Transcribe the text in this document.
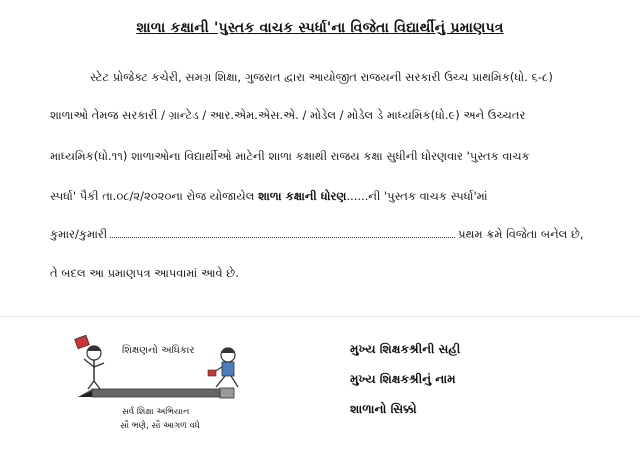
શાળા કક્ષાની 'પુસ્તક વાચક સ્પર્ધા'ના વિજેતા વિદ્યાર્થીનું પ્રમાણપત્ર
સ્ટેટ પ્રોજેક્ટ કચેરી, સમગ્ર શિક્ષા, ગુજરાત દ્વારા આયોજીત રાજયની સરકારી ઉચ્ચ પ્રાથમિક(ધો. ૬-૮)
શાળાઓ તેમજ સરકારી / ગ્રાન્ટેડ / આર.એમ.એસ.એ. / મોડેલ / મોડેલ ડે માધ્યમિક(ધો.૯) અને ઉચ્ચતર
માધ્યમિક(ધો.૧૧) શાળાઓના વિદ્યાર્થીઓ માટેની શાળા કક્ષાથી રાજય કક્ષા સુધીની ધોરણવાર 'પુસ્તક વાચક
સ્પર્ધા' પૈકી તા.૦૮/૨/૨૦૨૦ના રોજ યોજાયેલ શાળા કક્ષાની ધોરણ......ની 'પુસ્તક વાચક સ્પર્ધા'માં
કુમાર/કુમારી	પ્રથમ ક્રમે વિજેતા બનેલ છે,
તે બદલ આ પ્રમાણપત્ર આપવામાં આવે છે.
શિક્ષણનો અધિકાર
સર્વ શિક્ષા અભિયાન
સૌ ભણે, સૌ આગળ વધે
મુખ્ય શિક્ષકશ્રીની સહી
મુખ્ય શિક્ષકશ્રીનું નામ
શાળાનો સિક્કો
